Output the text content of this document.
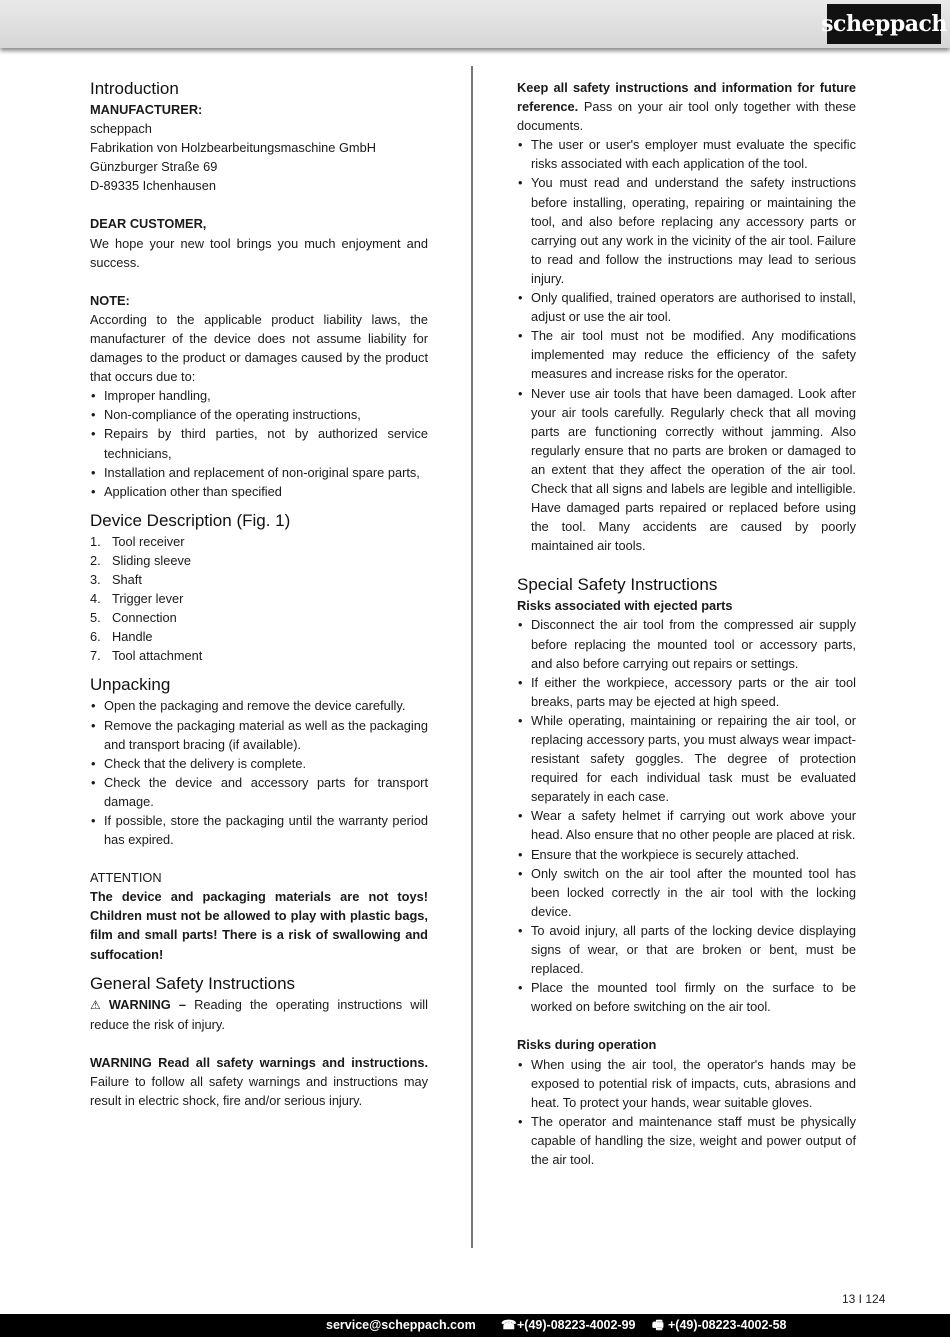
scheppach
Introduction

MANUFACTURER:

scheppach

Fabrikation von Holzbearbeitungsmaschine GmbH

Günzburger Straße 69

D-89335 Ichenhausen

DEAR CUSTOMER,

We hope your new tool brings you much enjoyment and success.

NOTE:

According to the applicable product liability laws, the manufacturer of the device does not assume liability for damages to the product or damages caused by the product that occurs due to:

• Improper handling,
• Non-compliance of the operating instructions,
• Repairs by third parties, not by authorized service technicians,
• Installation and replacement of non-original spare parts,
• Application other than specified
Device Description (Fig. 1)
1. Tool receiver
2. Sliding sleeve
3. Shaft
4. Trigger lever
5. Connection
6. Handle
7. Tool attachment
Unpacking
• Open the packaging and remove the device carefully.
• Remove the packaging material as well as the packaging and transport bracing (if available).
• Check that the delivery is complete.
• Check the device and accessory parts for transport damage.
• If possible, store the packaging until the warranty period has expired.

ATTENTION

The device and packaging materials are not toys! Children must not be allowed to play with plastic bags, film and small parts! There is a risk of swallowing and suffocation!

General Safety Instructions

⚠ WARNING – Reading the operating instructions will reduce the risk of injury.

WARNING Read all safety warnings and instructions. Failure to follow all safety warnings and instructions may result in electric shock, fire and/or serious injury.

Keep all safety instructions and information for future reference. Pass on your air tool only together with these documents.

• The user or user's employer must evaluate the specific risks associated with each application of the tool.
• You must read and understand the safety instructions before installing, operating, repairing or maintaining the tool, and also before replacing any accessory parts or carrying out any work in the vicinity of the air tool. Failure to read and follow the instructions may lead to serious injury.
• Only qualified, trained operators are authorised to install, adjust or use the air tool.
• The air tool must not be modified. Any modifications implemented may reduce the efficiency of the safety measures and increase risks for the operator.
• Never use air tools that have been damaged. Look after your air tools carefully. Regularly check that all moving parts are functioning correctly without jamming. Also regularly ensure that no parts are broken or damaged to an extent that they affect the operation of the air tool. Check that all signs and labels are legible and intelligible. Have damaged parts repaired or replaced before using the tool. Many accidents are caused by poorly maintained air tools.
Special Safety Instructions

Risks associated with ejected parts

• Disconnect the air tool from the compressed air supply before replacing the mounted tool or accessory parts, and also before carrying out repairs or settings.
• If either the workpiece, accessory parts or the air tool breaks, parts may be ejected at high speed.
• While operating, maintaining or repairing the air tool, or replacing accessory parts, you must always wear impact-resistant safety goggles. The degree of protection required for each individual task must be evaluated separately in each case.
• Wear a safety helmet if carrying out work above your head. Also ensure that no other people are placed at risk.
• Ensure that the workpiece is securely attached.
• Only switch on the air tool after the mounted tool has been locked correctly in the air tool with the locking device.
• To avoid injury, all parts of the locking device displaying signs of wear, or that are broken or bent, must be replaced.
• Place the mounted tool firmly on the surface to be worked on before switching on the air tool.

Risks during operation

• When using the air tool, the operator's hands may be exposed to potential risk of impacts, cuts, abrasions and heat. To protect your hands, wear suitable gloves.
• The operator and maintenance staff must be physically capable of handling the size, weight and power output of the air tool.
13 I 124
service@scheppach.com ☎ +(49)-08223-4002-99 🖷 +(49)-08223-4002-58
